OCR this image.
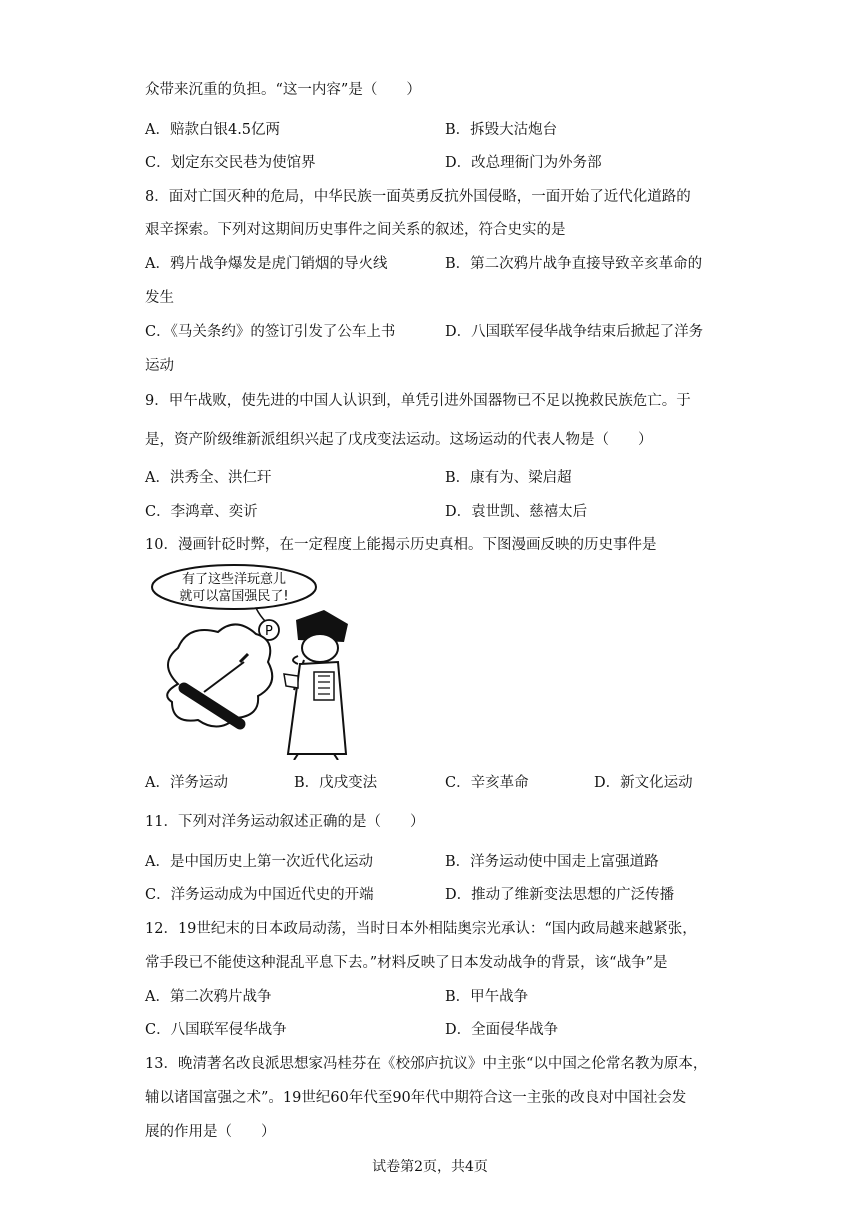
众带来沉重的负担。“这一内容”是（　　）
A．赔款白银4.5亿两	B．拆毁大沽炮台
C．划定东交民巷为使馆界	D．改总理衙门为外务部
8．面对亡国灭种的危局，中华民族一面英勇反抗外国侵略，一面开始了近代化道路的
艰辛探索。下列对这期间历史事件之间关系的叙述，符合史实的是
A．鸦片战争爆发是虎门销烟的导火线	B．第二次鸦片战争直接导致辛亥革命的
发生
C．《马关条约》的签订引发了公车上书	D．八国联军侵华战争结束后掀起了洋务
运动
9．甲午战败，使先进的中国人认识到，单凭引进外国器物已不足以挽救民族危亡。于
是，资产阶级维新派组织兴起了戊戌变法运动。这场运动的代表人物是（　　）
A．洪秀全、洪仁玕	B．康有为、梁启超
C．李鸿章、奕䜣	D．袁世凯、慈禧太后
10．漫画针砭时弊，在一定程度上能揭示历史真相。下图漫画反映的历史事件是
有了这些洋玩意儿
就可以富国强民了!
P
A．洋务运动	B．戊戌变法	C．辛亥革命	D．新文化运动
11．下列对洋务运动叙述正确的是（　　）
A．是中国历史上第一次近代化运动	B．洋务运动使中国走上富强道路
C．洋务运动成为中国近代史的开端	D．推动了维新变法思想的广泛传播
12．19世纪末的日本政局动荡，当时日本外相陆奥宗光承认：“国内政局越来越紧张，
常手段已不能使这种混乱平息下去。”材料反映了日本发动战争的背景，该“战争”是
A．第二次鸦片战争	B．甲午战争
C．八国联军侵华战争	D．全面侵华战争
13．晚清著名改良派思想家冯桂芬在《校邠庐抗议》中主张“以中国之伦常名教为原本，
辅以诸国富强之术”。19世纪60年代至90年代中期符合这一主张的改良对中国社会发
展的作用是（　　）
试卷第2页，共4页
